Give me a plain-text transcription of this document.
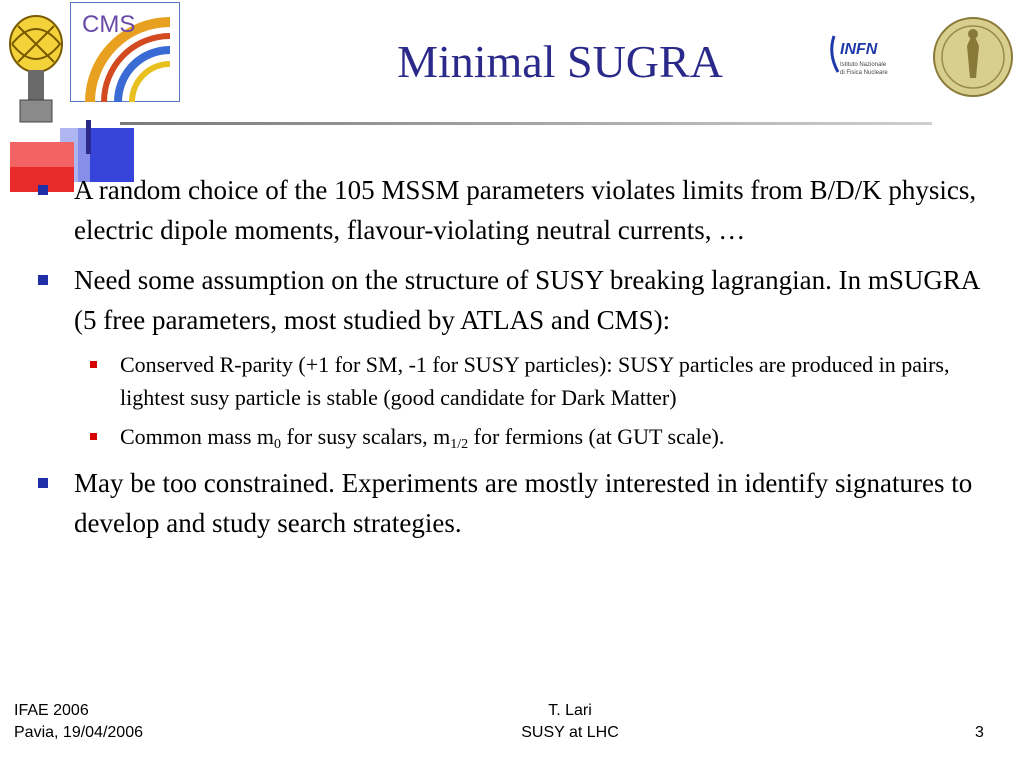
CMS
INFN
Istituto Nazionale
di Fisica Nucleare
Minimal SUGRA
A random choice of the 105 MSSM parameters violates limits from B/D/K physics, electric dipole moments, flavour-violating neutral currents, …
Need some assumption on the structure of SUSY breaking lagrangian. In mSUGRA (5 free parameters, most studied by ATLAS and CMS):
Conserved R-parity (+1 for SM, -1 for SUSY particles): SUSY particles are produced in pairs, lightest susy particle is stable (good candidate for Dark Matter)
Common mass $m_0$ for susy scalars, $m_{1/2}$ for fermions (at GUT scale).
May be too constrained. Experiments are mostly interested in identify signatures to develop and study search strategies.
IFAE 2006
Pavia, 19/04/2006
T. Lari
SUSY at LHC	3
